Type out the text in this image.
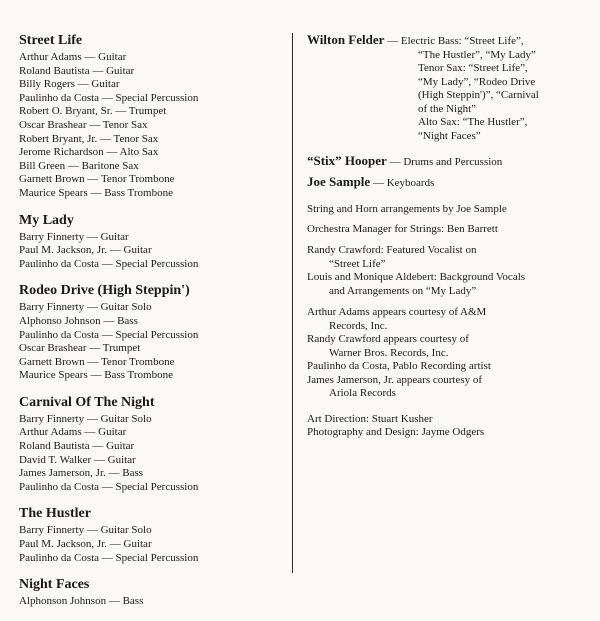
Street Life
Arthur Adams — Guitar
Roland Bautista — Guitar
Billy Rogers — Guitar
Paulinho da Costa — Special Percussion
Robert O. Bryant, Sr. — Trumpet
Oscar Brashear — Tenor Sax
Robert Bryant, Jr. — Tenor Sax
Jerome Richardson — Alto Sax
Bill Green — Baritone Sax
Garnett Brown — Tenor Trombone
Maurice Spears — Bass Trombone
My Lady
Barry Finnerty — Guitar
Paul M. Jackson, Jr. — Guitar
Paulinho da Costa — Special Percussion
Rodeo Drive (High Steppin')
Barry Finnerty — Guitar Solo
Alphonso Johnson — Bass
Paulinho da Costa — Special Percussion
Oscar Brashear — Trumpet
Garnett Brown — Tenor Trombone
Maurice Spears — Bass Trombone
Carnival Of The Night
Barry Finnerty — Guitar Solo
Arthur Adams — Guitar
Roland Bautista — Guitar
David T. Walker — Guitar
James Jamerson, Jr. — Bass
Paulinho da Costa — Special Percussion
The Hustler
Barry Finnerty — Guitar Solo
Paul M. Jackson, Jr. — Guitar
Paulinho da Costa — Special Percussion
Night Faces
Alphonson Johnson — Bass
Wilton Felder — Electric Bass: “Street Life”,
“The Hustler”, “My Lady”
Tenor Sax: “Street Life”,
“My Lady”, “Rodeo Drive
(High Steppin')”, “Carnival
of the Night”
Alto Sax: “The Hustler”,
“Night Faces”
“Stix” Hooper — Drums and Percussion
Joe Sample — Keyboards
String and Horn arrangements by Joe Sample
Orchestra Manager for Strings: Ben Barrett
Randy Crawford: Featured Vocalist on
“Street Life”
Louis and Monique Aldebert: Background Vocals
and Arrangements on “My Lady”
Arthur Adams appears courtesy of A&M
Records, Inc.
Randy Crawford appears courtesy of
Warner Bros. Records, Inc.
Paulinho da Costa, Pablo Recording artist
James Jamerson, Jr. appears courtesy of
Ariola Records
Art Direction: Stuart Kusher
Photography and Design: Jayme Odgers
